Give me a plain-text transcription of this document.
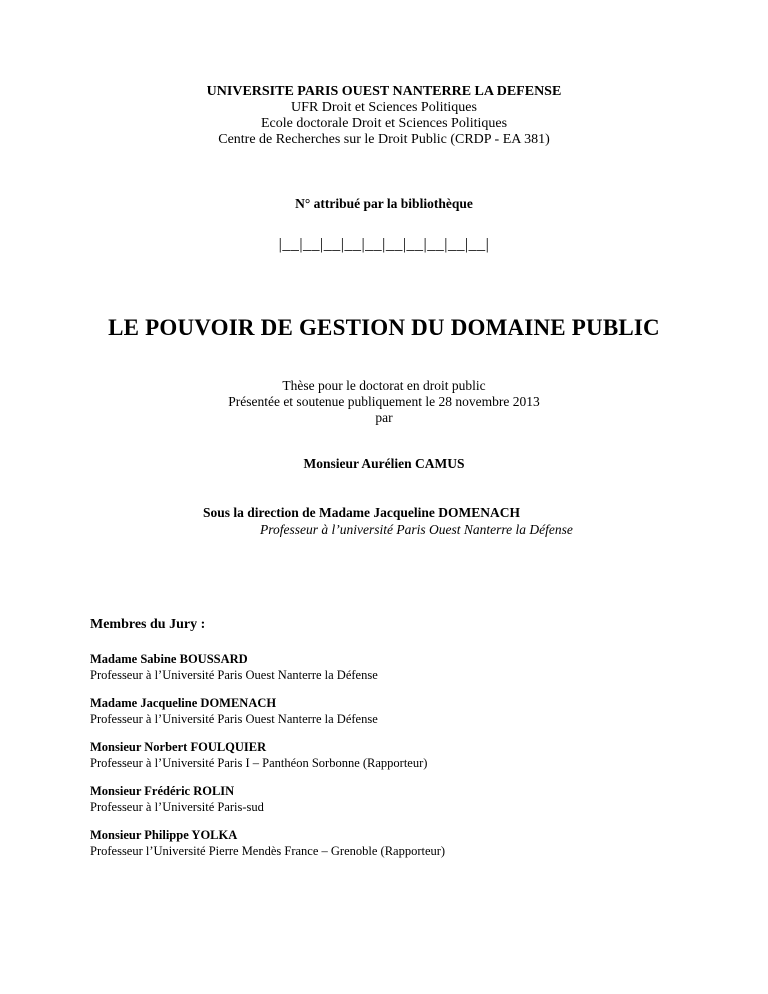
UNIVERSITE PARIS OUEST NANTERRE LA DEFENSE
UFR Droit et Sciences Politiques
Ecole doctorale Droit et Sciences Politiques
Centre de Recherches sur le Droit Public (CRDP - EA 381)
N° attribué par la bibliothèque
|__|__|__|__|__|__|__|__|__|__|
LE POUVOIR DE GESTION DU DOMAINE PUBLIC
Thèse pour le doctorat en droit public
Présentée et soutenue publiquement le 28 novembre 2013
par
Monsieur Aurélien CAMUS
Sous la direction de Madame Jacqueline DOMENACH
Professeur à l’université Paris Ouest Nanterre la Défense
Membres du Jury :
Madame Sabine BOUSSARD
Professeur à l’Université Paris Ouest Nanterre la Défense
Madame Jacqueline DOMENACH
Professeur à l’Université Paris Ouest Nanterre la Défense
Monsieur Norbert FOULQUIER
Professeur à l’Université Paris I – Panthéon Sorbonne (Rapporteur)
Monsieur Frédéric ROLIN
Professeur à l’Université Paris-sud
Monsieur Philippe YOLKA
Professeur l’Université Pierre Mendès France – Grenoble (Rapporteur)
